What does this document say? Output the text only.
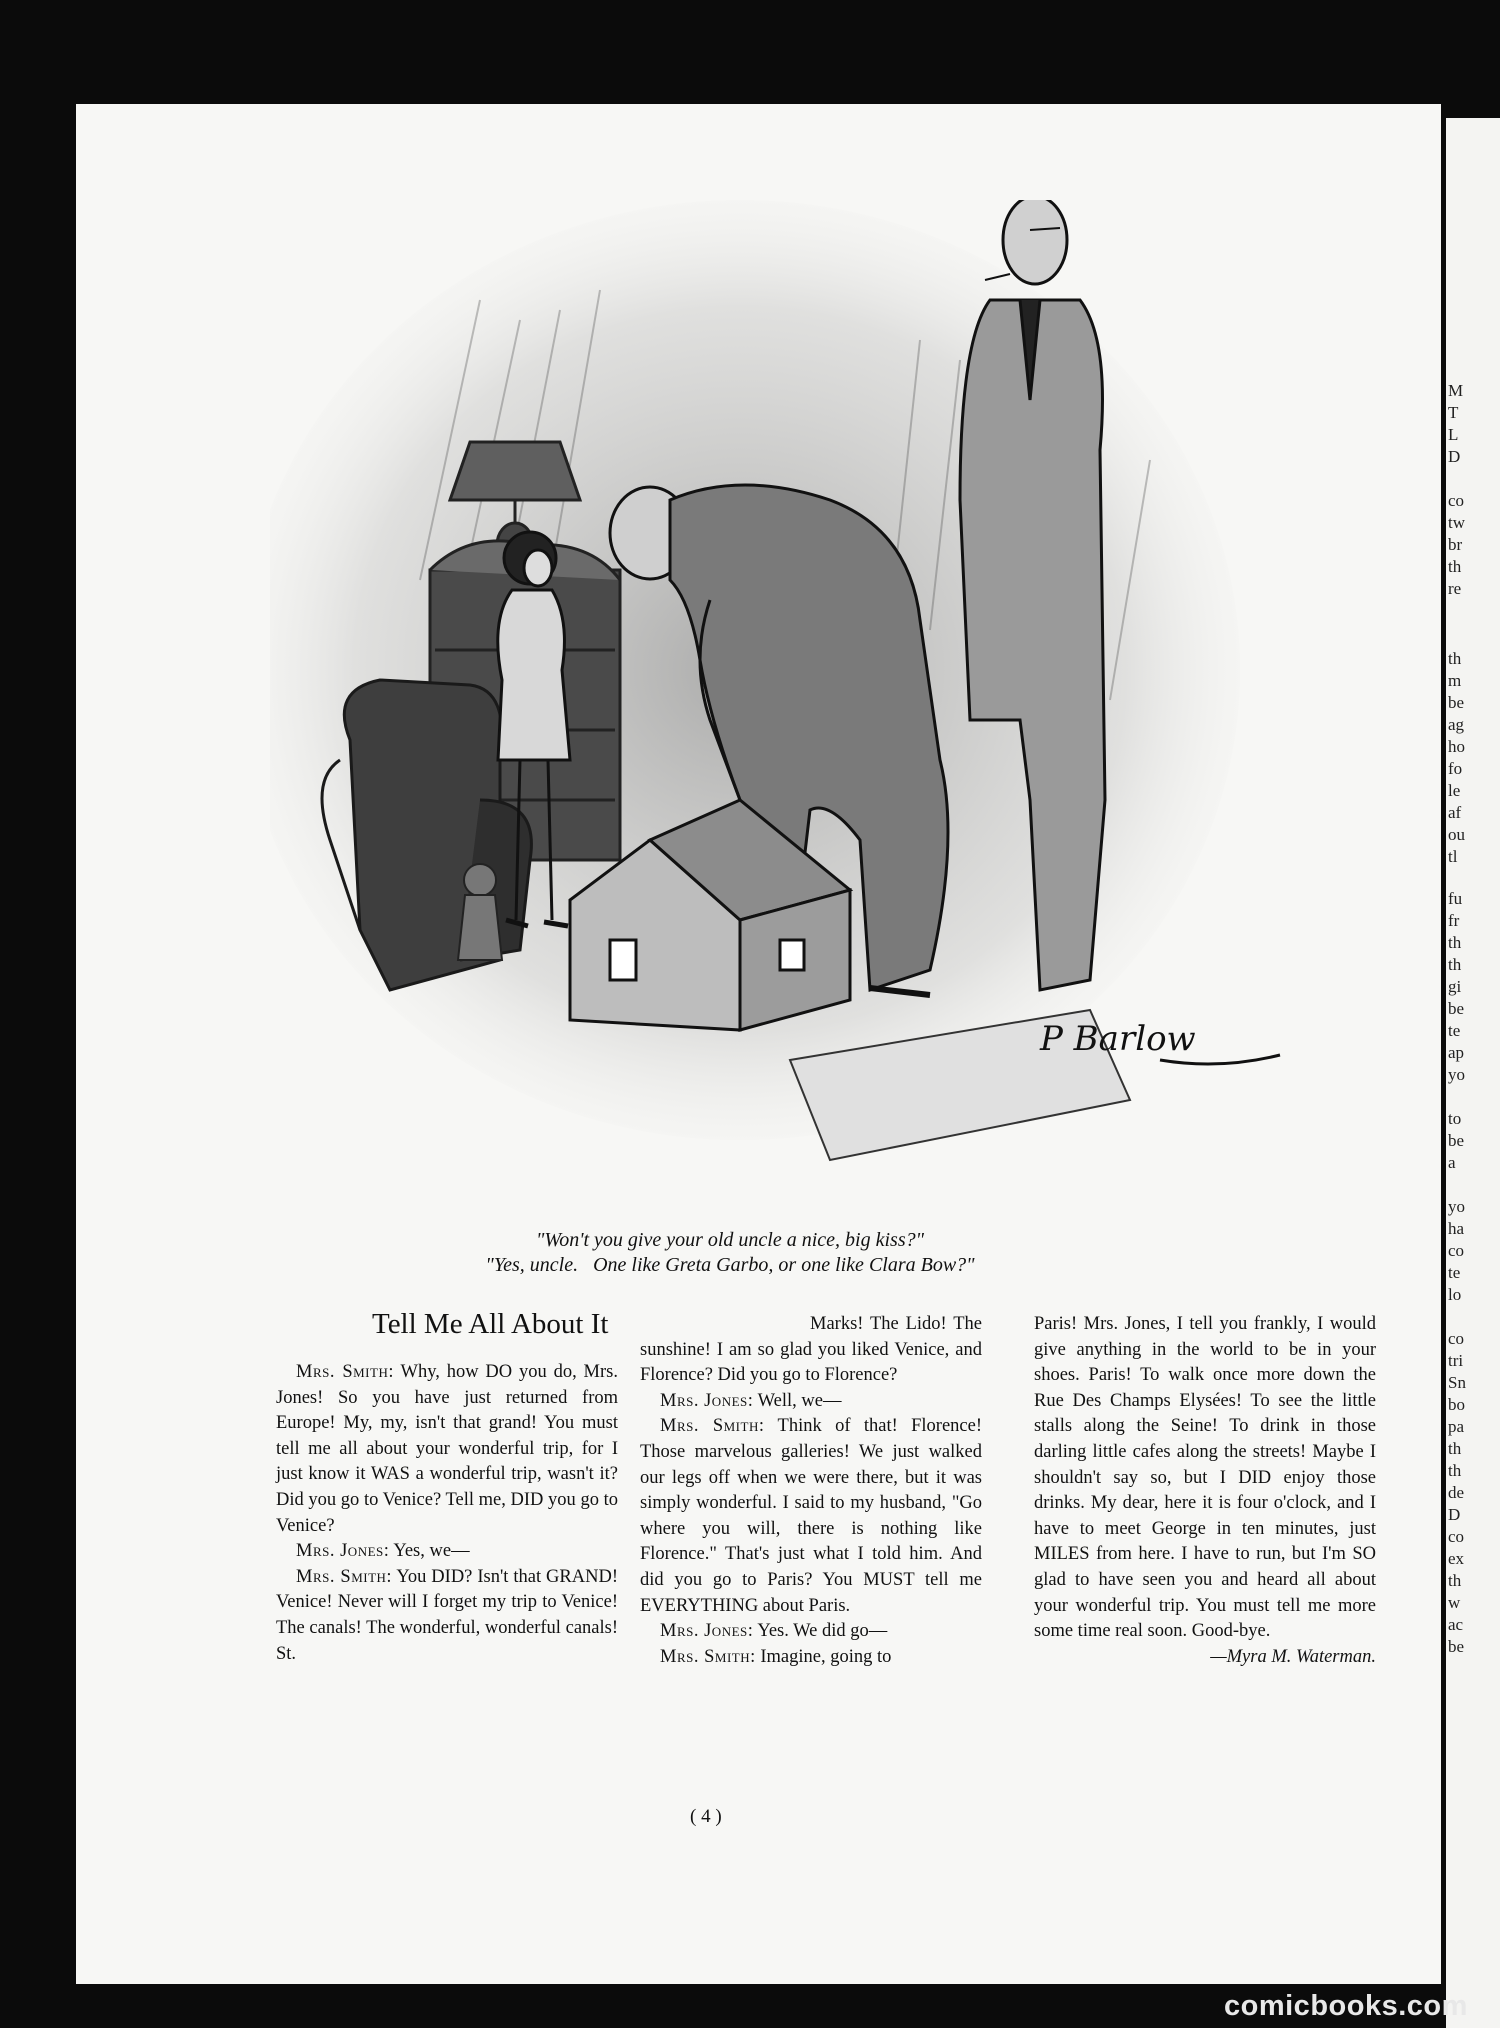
M
T
L
D
co
tw
br
th
re
th
m
be
ag
ho
fo
le
af
ou
tl
fu
fr
th
th
gi
be
te
ap
yo
to
be
a
yo
ha
co
te
lo
co
tri
Sn
bo
pa
th
th
de
D
co
ex
th
w
ac
be
P Barlow
"Won't you give your old uncle a nice, big kiss?"
"Yes, uncle.   One like Greta Garbo, or one like Clara Bow?"
Tell Me All About It

Mrs. Smith: Why, how DO you do, Mrs. Jones! So you have just returned from Europe! My, my, isn't that grand! You must tell me all about your wonderful trip, for I just know it WAS a wonderful trip, wasn't it? Did you go to Venice? Tell me, DID you go to Venice?

Mrs. Jones: Yes, we—

Mrs. Smith: You DID? Isn't that GRAND! Venice! Never will I forget my trip to Venice! The canals! The wonderful, wonderful canals! St.

Marks! The Lido! The sunshine! I am so glad you liked Venice, and Florence? Did you go to Florence?

Mrs. Jones: Well, we—

Mrs. Smith: Think of that! Florence! Those marvelous galleries! We just walked our legs off when we were there, but it was simply wonderful. I said to my husband, "Go where you will, there is nothing like Florence." That's just what I told him. And did you go to Paris? You MUST tell me EVERYTHING about Paris.

Mrs. Jones: Yes. We did go—

Mrs. Smith: Imagine, going to

Paris! Mrs. Jones, I tell you frankly, I would give anything in the world to be in your shoes. Paris! To walk once more down the Rue Des Champs Elysées! To see the little stalls along the Seine! To drink in those darling little cafes along the streets! Maybe I shouldn't say so, but I DID enjoy those drinks. My dear, here it is four o'clock, and I have to meet George in ten minutes, just MILES from here. I have to run, but I'm SO glad to have seen you and heard all about your wonderful trip. You must tell me more some time real soon. Good-bye.

—Myra M. Waterman.
( 4 )
comicbooks.com
